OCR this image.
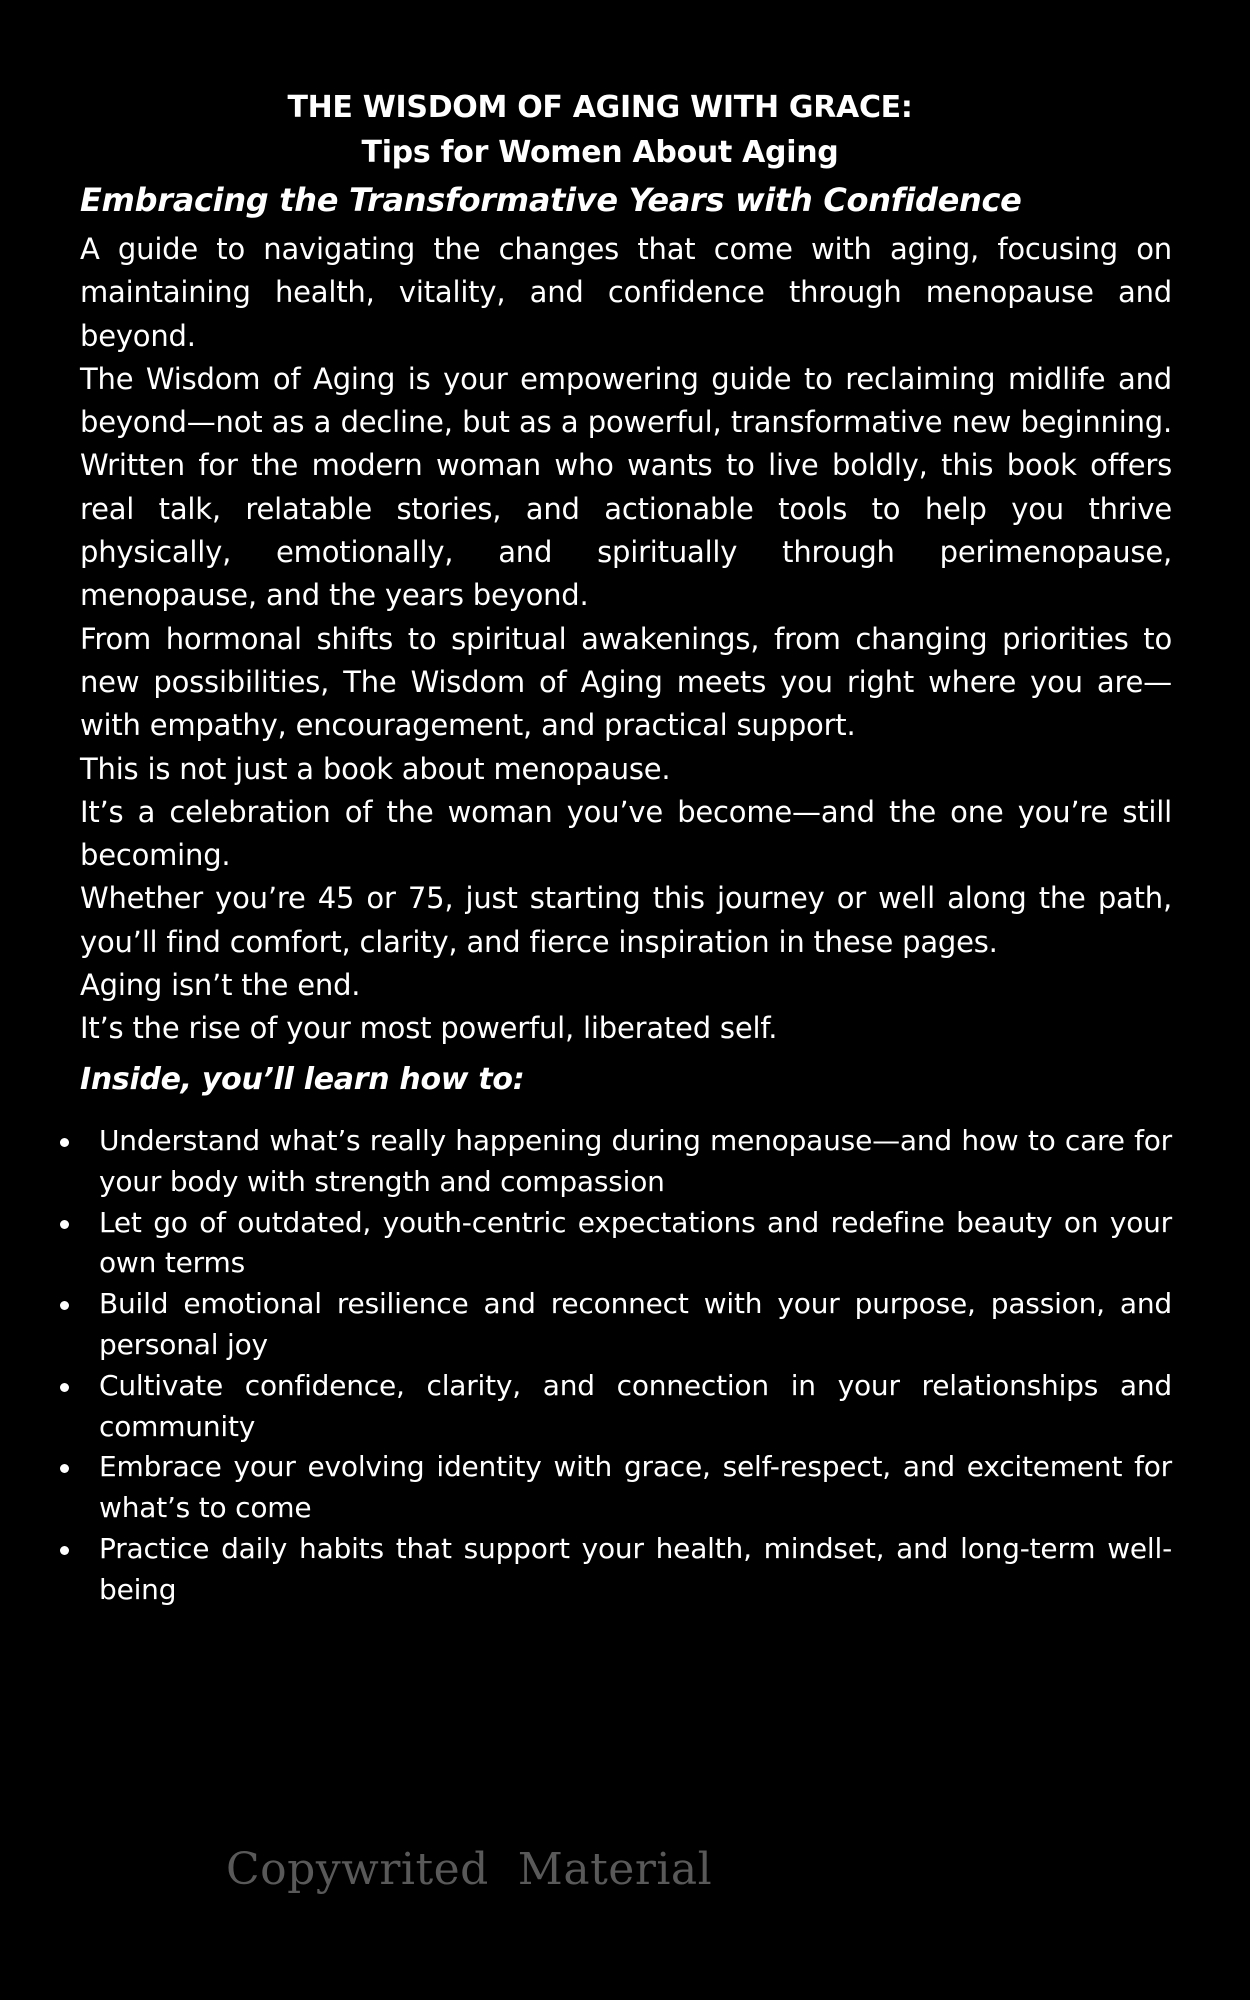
THE WISDOM OF AGING WITH GRACE:
Tips for Women About Aging
Embracing the Transformative Years with Confidence

A guide to navigating the changes that come with aging, focusing on maintaining health, vitality, and confidence through menopause and beyond.

The Wisdom of Aging is your empowering guide to reclaiming midlife and beyond—not as a decline, but as a powerful, transformative new beginning. Written for the modern woman who wants to live boldly, this book offers real talk, relatable stories, and actionable tools to help you thrive physically, emotionally, and spiritually through perimenopause, menopause, and the years beyond.

From hormonal shifts to spiritual awakenings, from changing priorities to new possibilities, The Wisdom of Aging meets you right where you are—with empathy, encouragement, and practical support.

This is not just a book about menopause.

It’s a celebration of the woman you’ve become—and the one you’re still becoming.

Whether you’re 45 or 75, just starting this journey or well along the path, you’ll find comfort, clarity, and fierce inspiration in these pages.

Aging isn’t the end.

It’s the rise of your most powerful, liberated self.

Inside, you’ll learn how to:
Understand what’s really happening during menopause—and how to care for your body with strength and compassion
Let go of outdated, youth-centric expectations and redefine beauty on your own terms
Build emotional resilience and reconnect with your purpose, passion, and personal joy
Cultivate confidence, clarity, and connection in your relationships and community
Embrace your evolving identity with grace, self-respect, and excitement for what’s to come
Practice daily habits that support your health, mindset, and long-term well-being
Copywrited  Material
